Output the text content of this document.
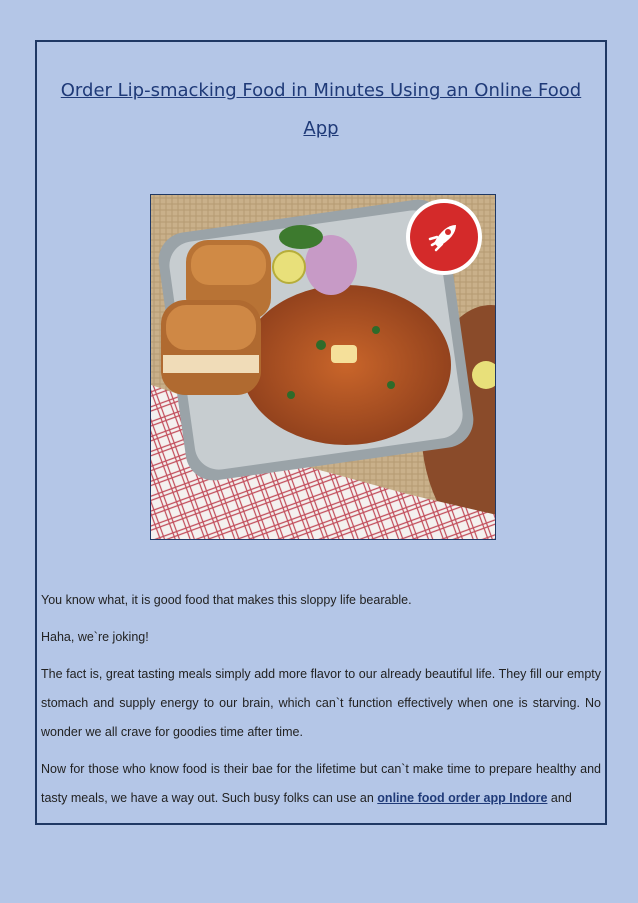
Order Lip-smacking Food in Minutes Using an Online Food
App

You know what, it is good food that makes this sloppy life bearable.

Haha, we`re joking!

The fact is, great tasting meals simply add more flavor to our already beautiful life. They fill our empty stomach and supply energy to our brain, which can`t function effectively when one is starving. No wonder we all crave for goodies time after time.

Now for those who know food is their bae for the lifetime but can`t make time to prepare healthy and tasty meals, we have a way out. Such busy folks can use an online food order app Indore and
